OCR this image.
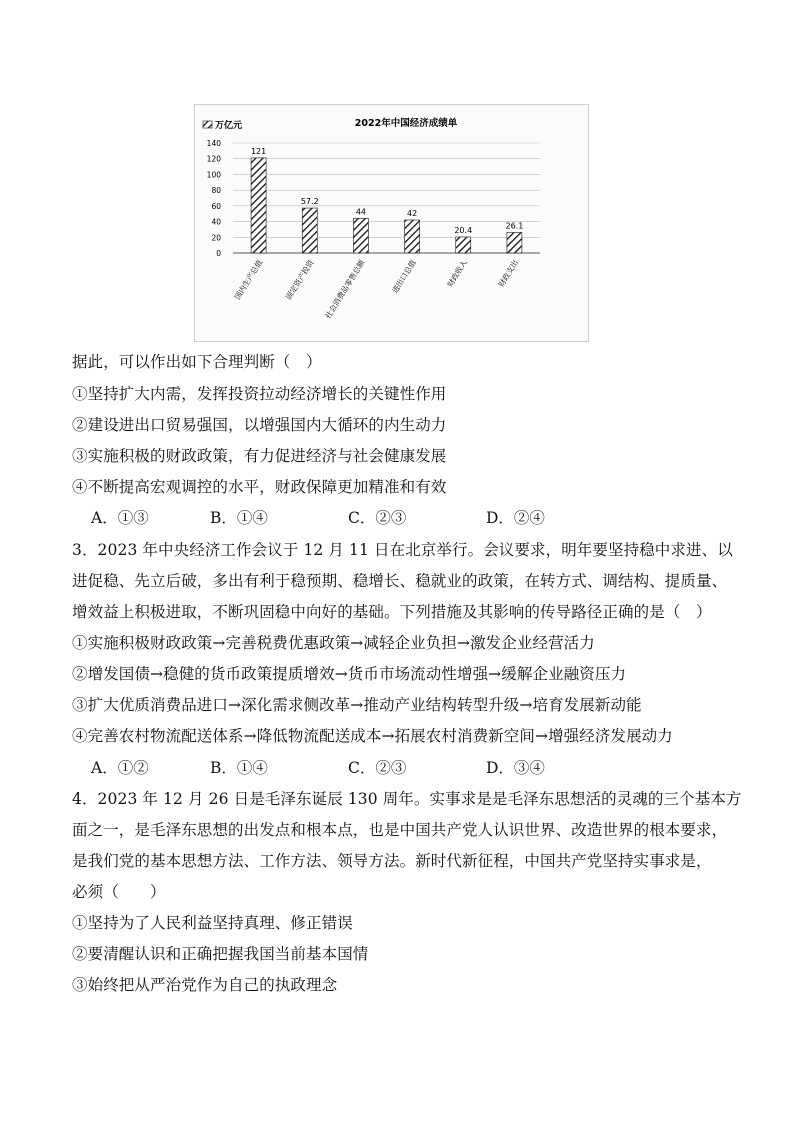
万亿元	2022年中国经济成绩单
0
20
40
60
80
100
120
140
121
57.2
44	42
20.4	26.1
国内生产总值	固定资产投资 社会消费品零售总额	进出口总值	财政收入	财政支出
据此，可以作出如下合理判断（　）
①坚持扩大内需，发挥投资拉动经济增长的关键性作用
②建设进出口贸易强国，以增强国内大循环的内生动力
③实施积极的财政政策，有力促进经济与社会健康发展
④不断提高宏观调控的水平，财政保障更加精准和有效
A．①③	B．①④	C．②③	D．②④
3．2023 年中央经济工作会议于 12 月 11 日在北京举行。会议要求，明年要坚持稳中求进、以
进促稳、先立后破，多出有利于稳预期、稳增长、稳就业的政策，在转方式、调结构、提质量、
增效益上积极进取，不断巩固稳中向好的基础。下列措施及其影响的传导路径正确的是（　）
①实施积极财政政策→完善税费优惠政策→减轻企业负担→激发企业经营活力
②增发国债→稳健的货币政策提质增效→货币市场流动性增强→缓解企业融资压力
③扩大优质消费品进口→深化需求侧改革→推动产业结构转型升级→培育发展新动能
④完善农村物流配送体系→降低物流配送成本→拓展农村消费新空间→增强经济发展动力
A．①②	B．①④	C．②③	D．③④
4．2023 年 12 月 26 日是毛泽东诞辰 130 周年。实事求是是毛泽东思想活的灵魂的三个基本方
面之一，是毛泽东思想的出发点和根本点，也是中国共产党人认识世界、改造世界的根本要求，
是我们党的基本思想方法、工作方法、领导方法。新时代新征程，中国共产党坚持实事求是，
必须（　　）
①坚持为了人民利益坚持真理、修正错误
②要清醒认识和正确把握我国当前基本国情
③始终把从严治党作为自己的执政理念
